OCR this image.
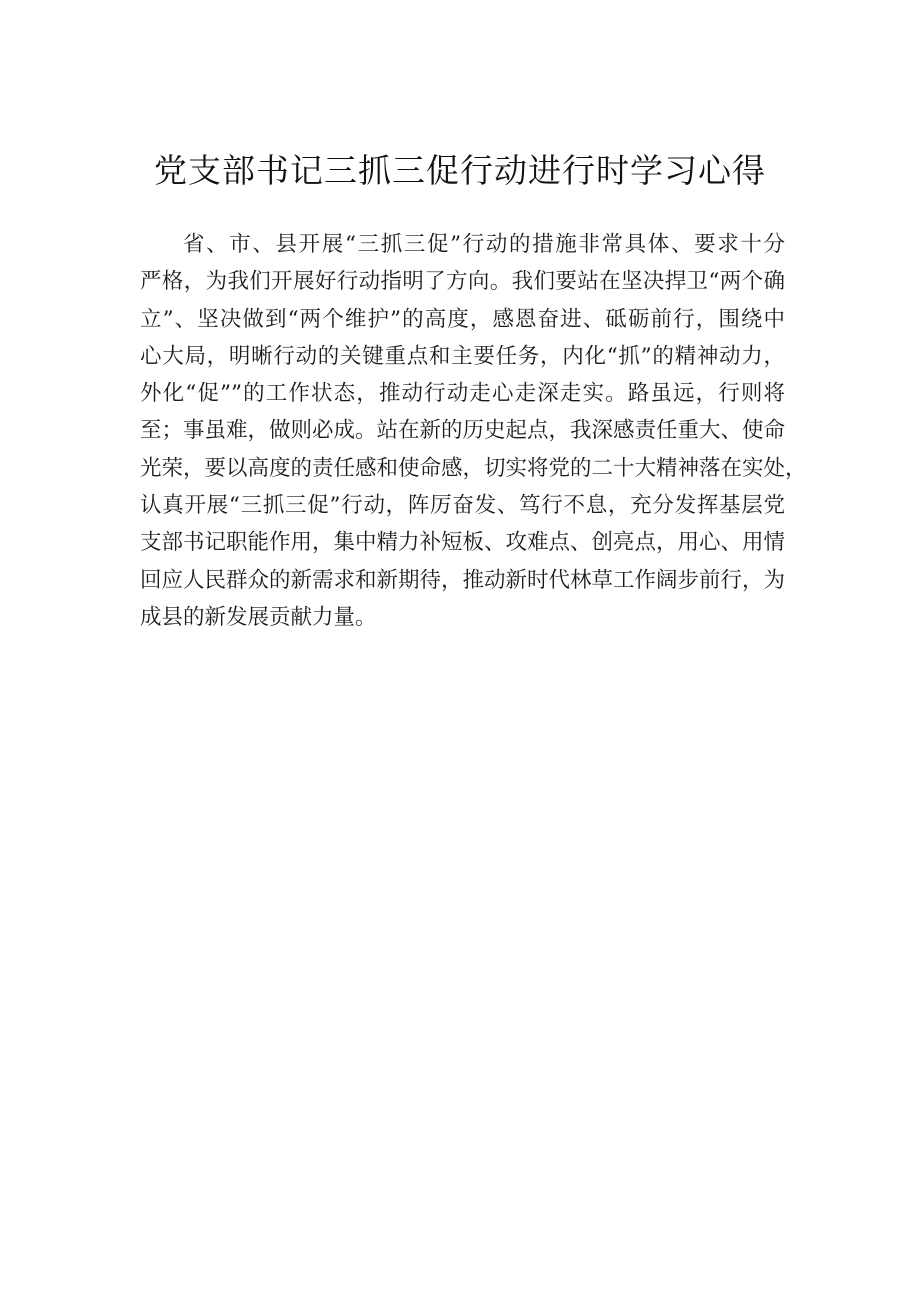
党支部书记三抓三促行动进行时学习心得
省、市、县开展“三抓三促”行动的措施非常具体、要求十分
严格，为我们开展好行动指明了方向。我们要站在坚决捍卫“两个确
立”、坚决做到“两个维护”的高度，感恩奋进、砥砺前行，围绕中
心大局，明晰行动的关键重点和主要任务，内化“抓”的精神动力，
外化“促””的工作状态，推动行动走心走深走实。路虽远，行则将
至；事虽难，做则必成。站在新的历史起点，我深感责任重大、使命
光荣，要以高度的责任感和使命感，切实将党的二十大精神落在实处，
认真开展“三抓三促”行动，阵厉奋发、笃行不息，充分发挥基层党
支部书记职能作用，集中精力补短板、攻难点、创亮点，用心、用情
回应人民群众的新需求和新期待，推动新时代林草工作阔步前行，为
成县的新发展贡献力量。
